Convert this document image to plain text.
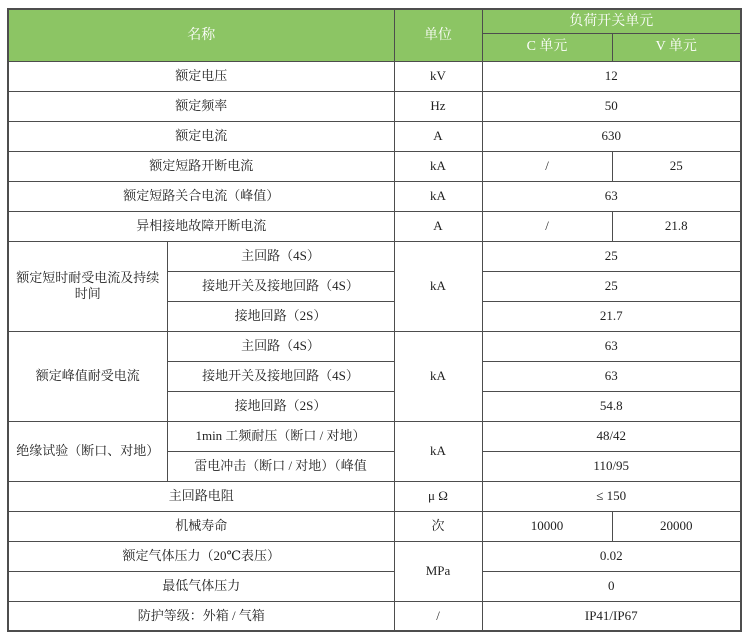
名称		单位	负荷开关单元	
			C 单元	V 单元
额定电压		kV	12	
额定频率		Hz	50	
额定电流		A	630	
额定短路开断电流		kA	/	25
额定短路关合电流（峰值）		kA	63	
异相接地故障开断电流		A	/	21.8
额定短时耐受电流及持续时间	主回路（4S）	kA	25	
	接地开关及接地回路（4S）		25	
	接地回路（2S）		21.7	
额定峰值耐受电流	主回路（4S）	kA	63	
	接地开关及接地回路（4S）		63	
	接地回路（2S）		54.8	
绝缘试验（断口、对地）	1min 工频耐压（断口 / 对地）	kA	48/42	
	雷电冲击（断口 / 对地）（峰值		110/95	
主回路电阻		μ Ω	≤ 150	
机械寿命		次	10000	20000
额定气体压力（20℃表压）		MPa	0.02	
最低气体压力			0	
防护等级：外箱 / 气箱		/	IP41/IP67	
